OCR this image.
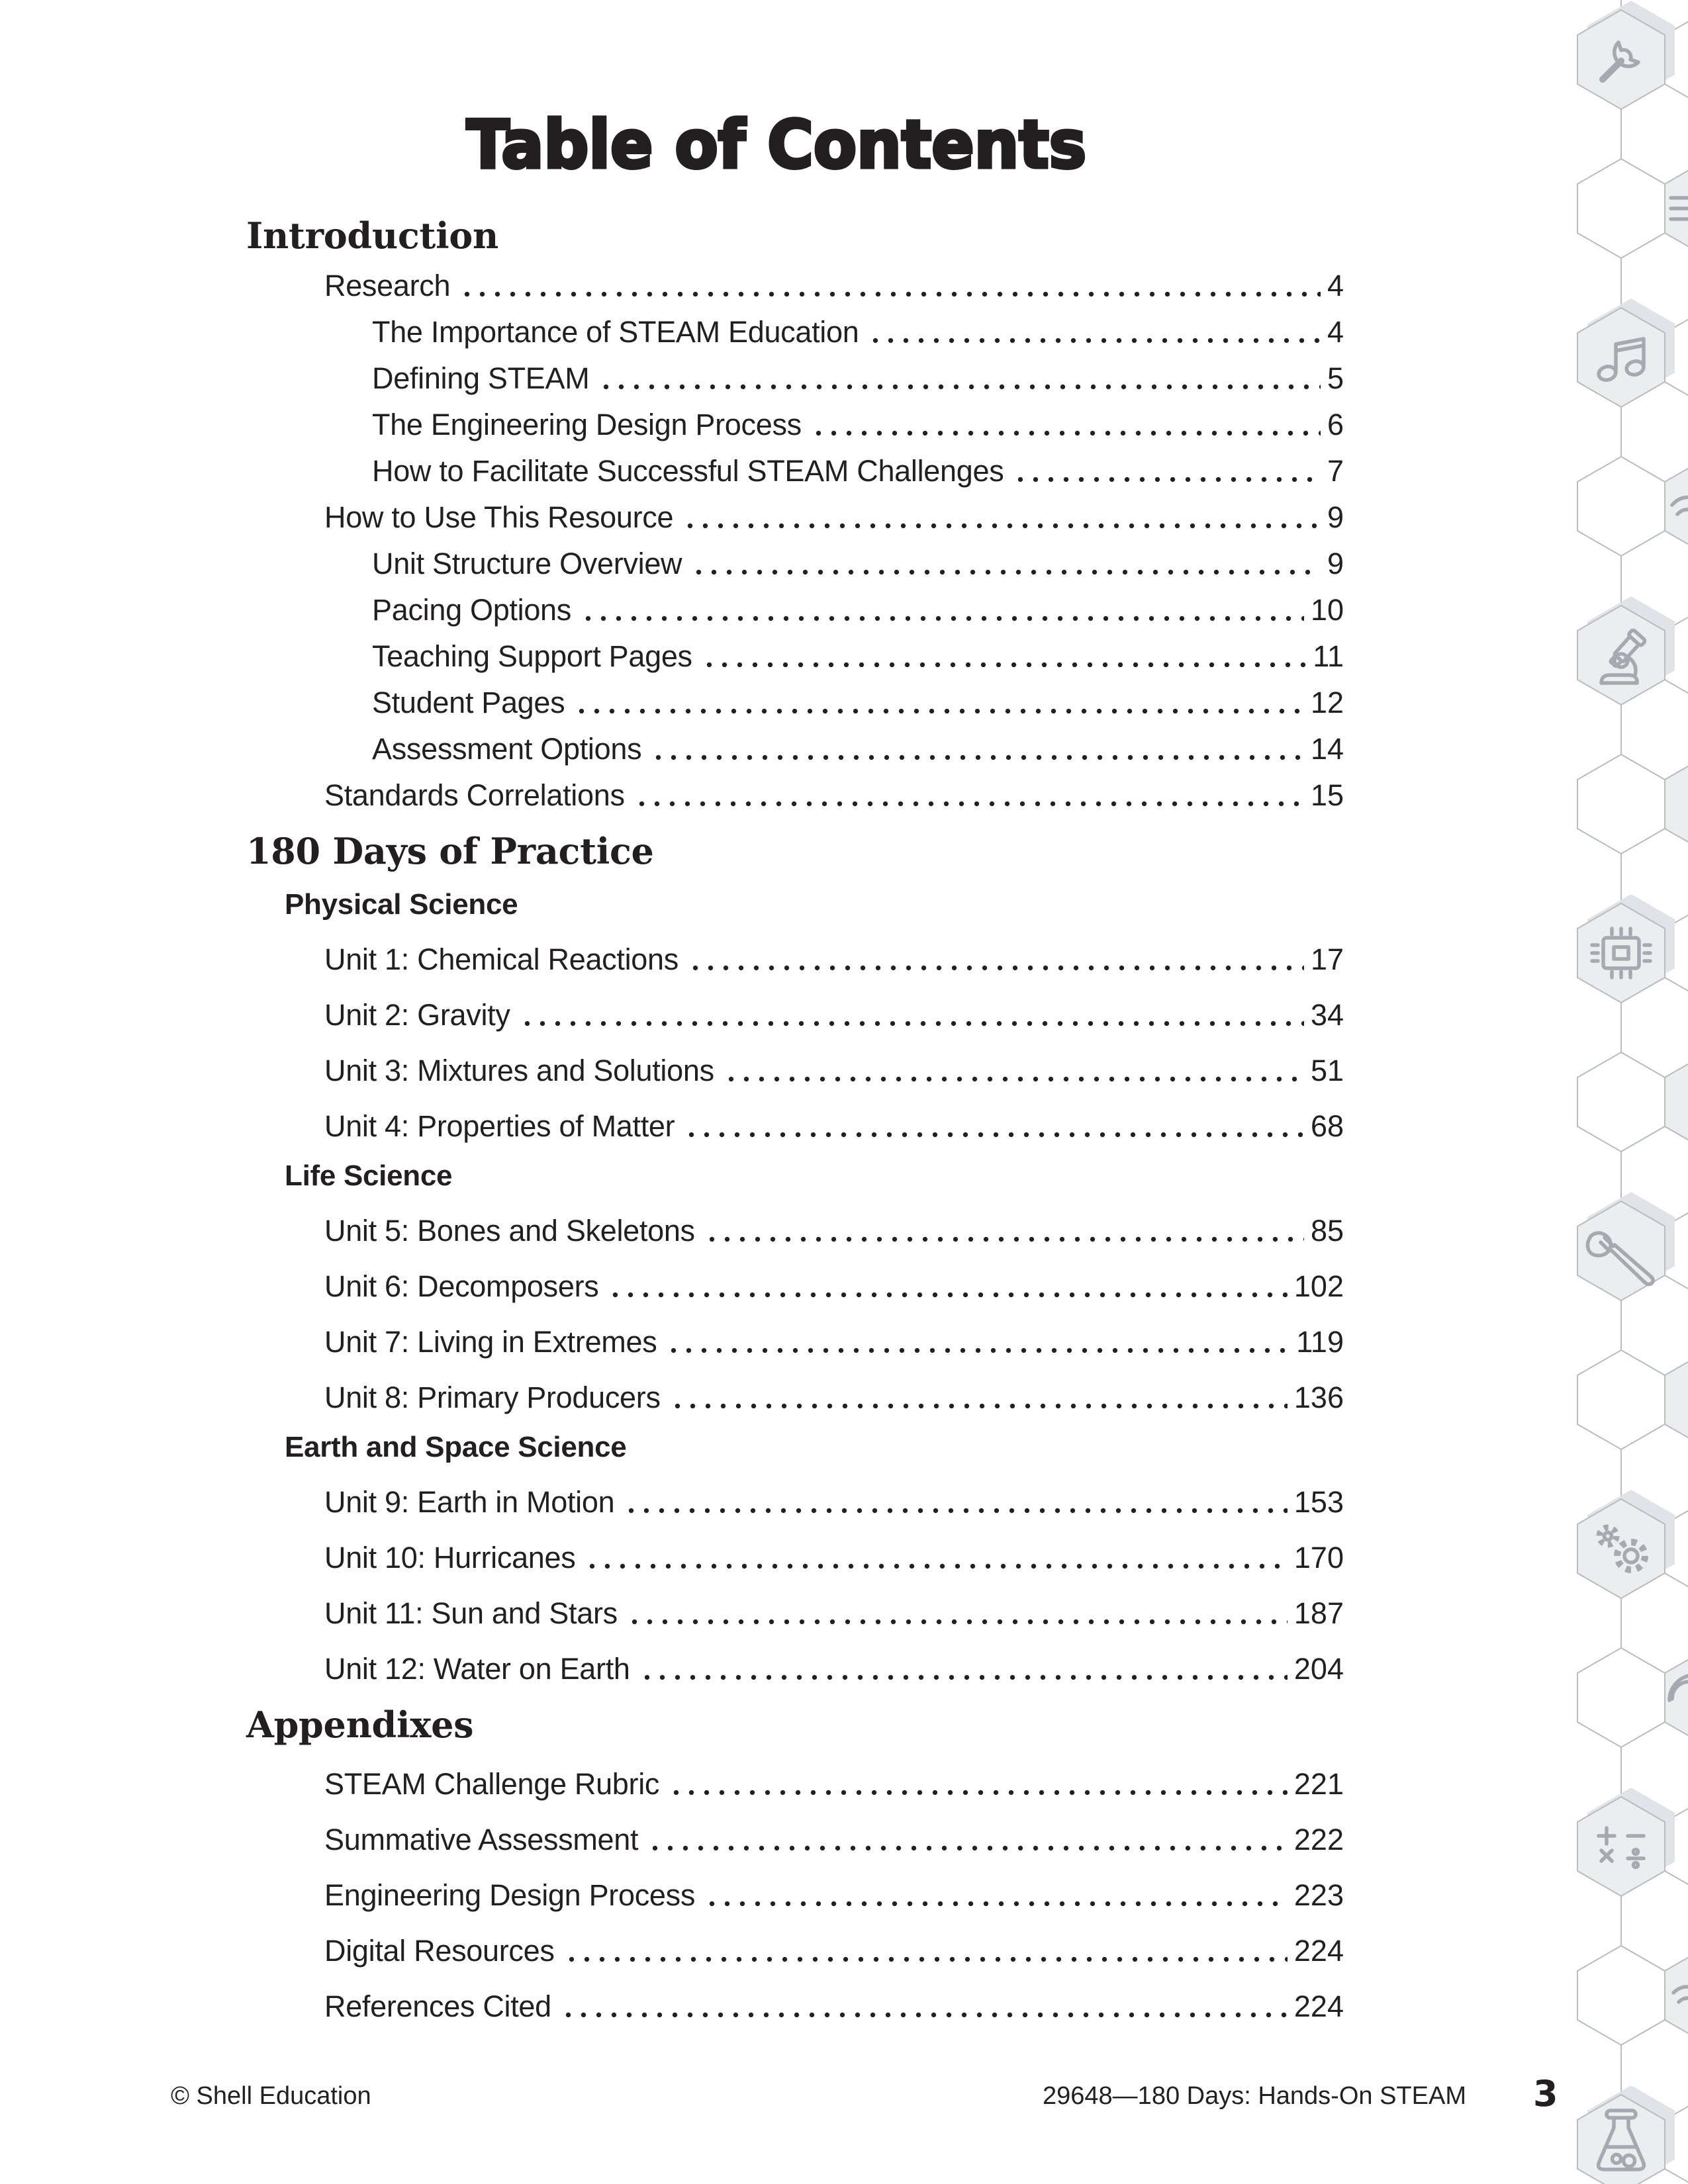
Table of Contents
Introduction
Research	4
The Importance of STEAM Education	4
Defining STEAM	5
The Engineering Design Process	6
How to Facilitate Successful STEAM Challenges	7
How to Use This Resource	9
Unit Structure Overview	9
Pacing Options	10
Teaching Support Pages	11
Student Pages	12
Assessment Options	14
Standards Correlations	15
180 Days of Practice
Physical Science
Unit 1: Chemical Reactions	17
Unit 2: Gravity	34
Unit 3: Mixtures and Solutions	51
Unit 4: Properties of Matter	68
Life Science
Unit 5: Bones and Skeletons	85
Unit 6: Decomposers	102
Unit 7: Living in Extremes	119
Unit 8: Primary Producers	136
Earth and Space Science
Unit 9: Earth in Motion	153
Unit 10: Hurricanes	170
Unit 11: Sun and Stars	187
Unit 12: Water on Earth	204
Appendixes
STEAM Challenge Rubric	221
Summative Assessment	222
Engineering Design Process	223
Digital Resources	224
References Cited	224
© Shell Education	29648—180 Days: Hands-On STEAM 3
